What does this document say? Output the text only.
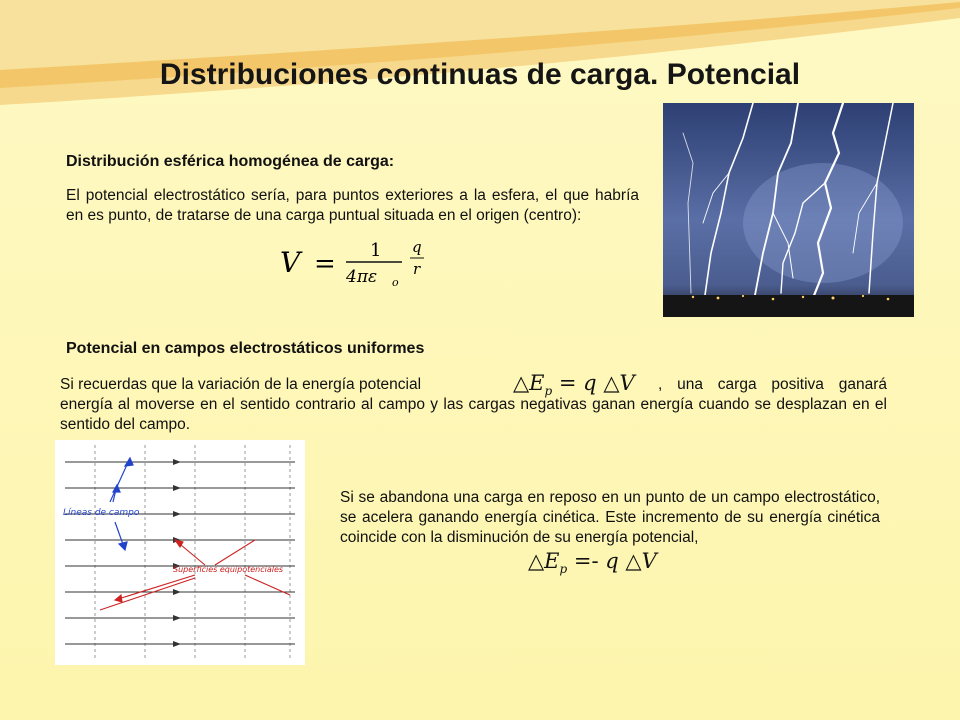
Distribuciones continuas de carga. Potencial
Distribución esférica homogénea de carga:

El potencial electrostático sería, para puntos exteriores a la esfera, el que habría en es punto, de tratarse de una carga puntual situada en el origen (centro):

V = 1
4πε o
q
r
Potencial en campos electrostáticos uniformes
Si recuerdas que la variación de la energía potencial	$\triangle E_p = q$ △V	, una carga positiva ganará energía al moverse en el sentido contrario al campo y las cargas negativas ganan energía cuando se desplazan en el sentido del campo.
Líneas de campo
Superficies equipotenciales

Si se abandona una carga en reposo en un punto de un campo electrostático, se acelera ganando energía cinética. Este incremento de su energía cinética coincide con la disminución de su energía potencial,

$\triangle E_p =- q$ △V
